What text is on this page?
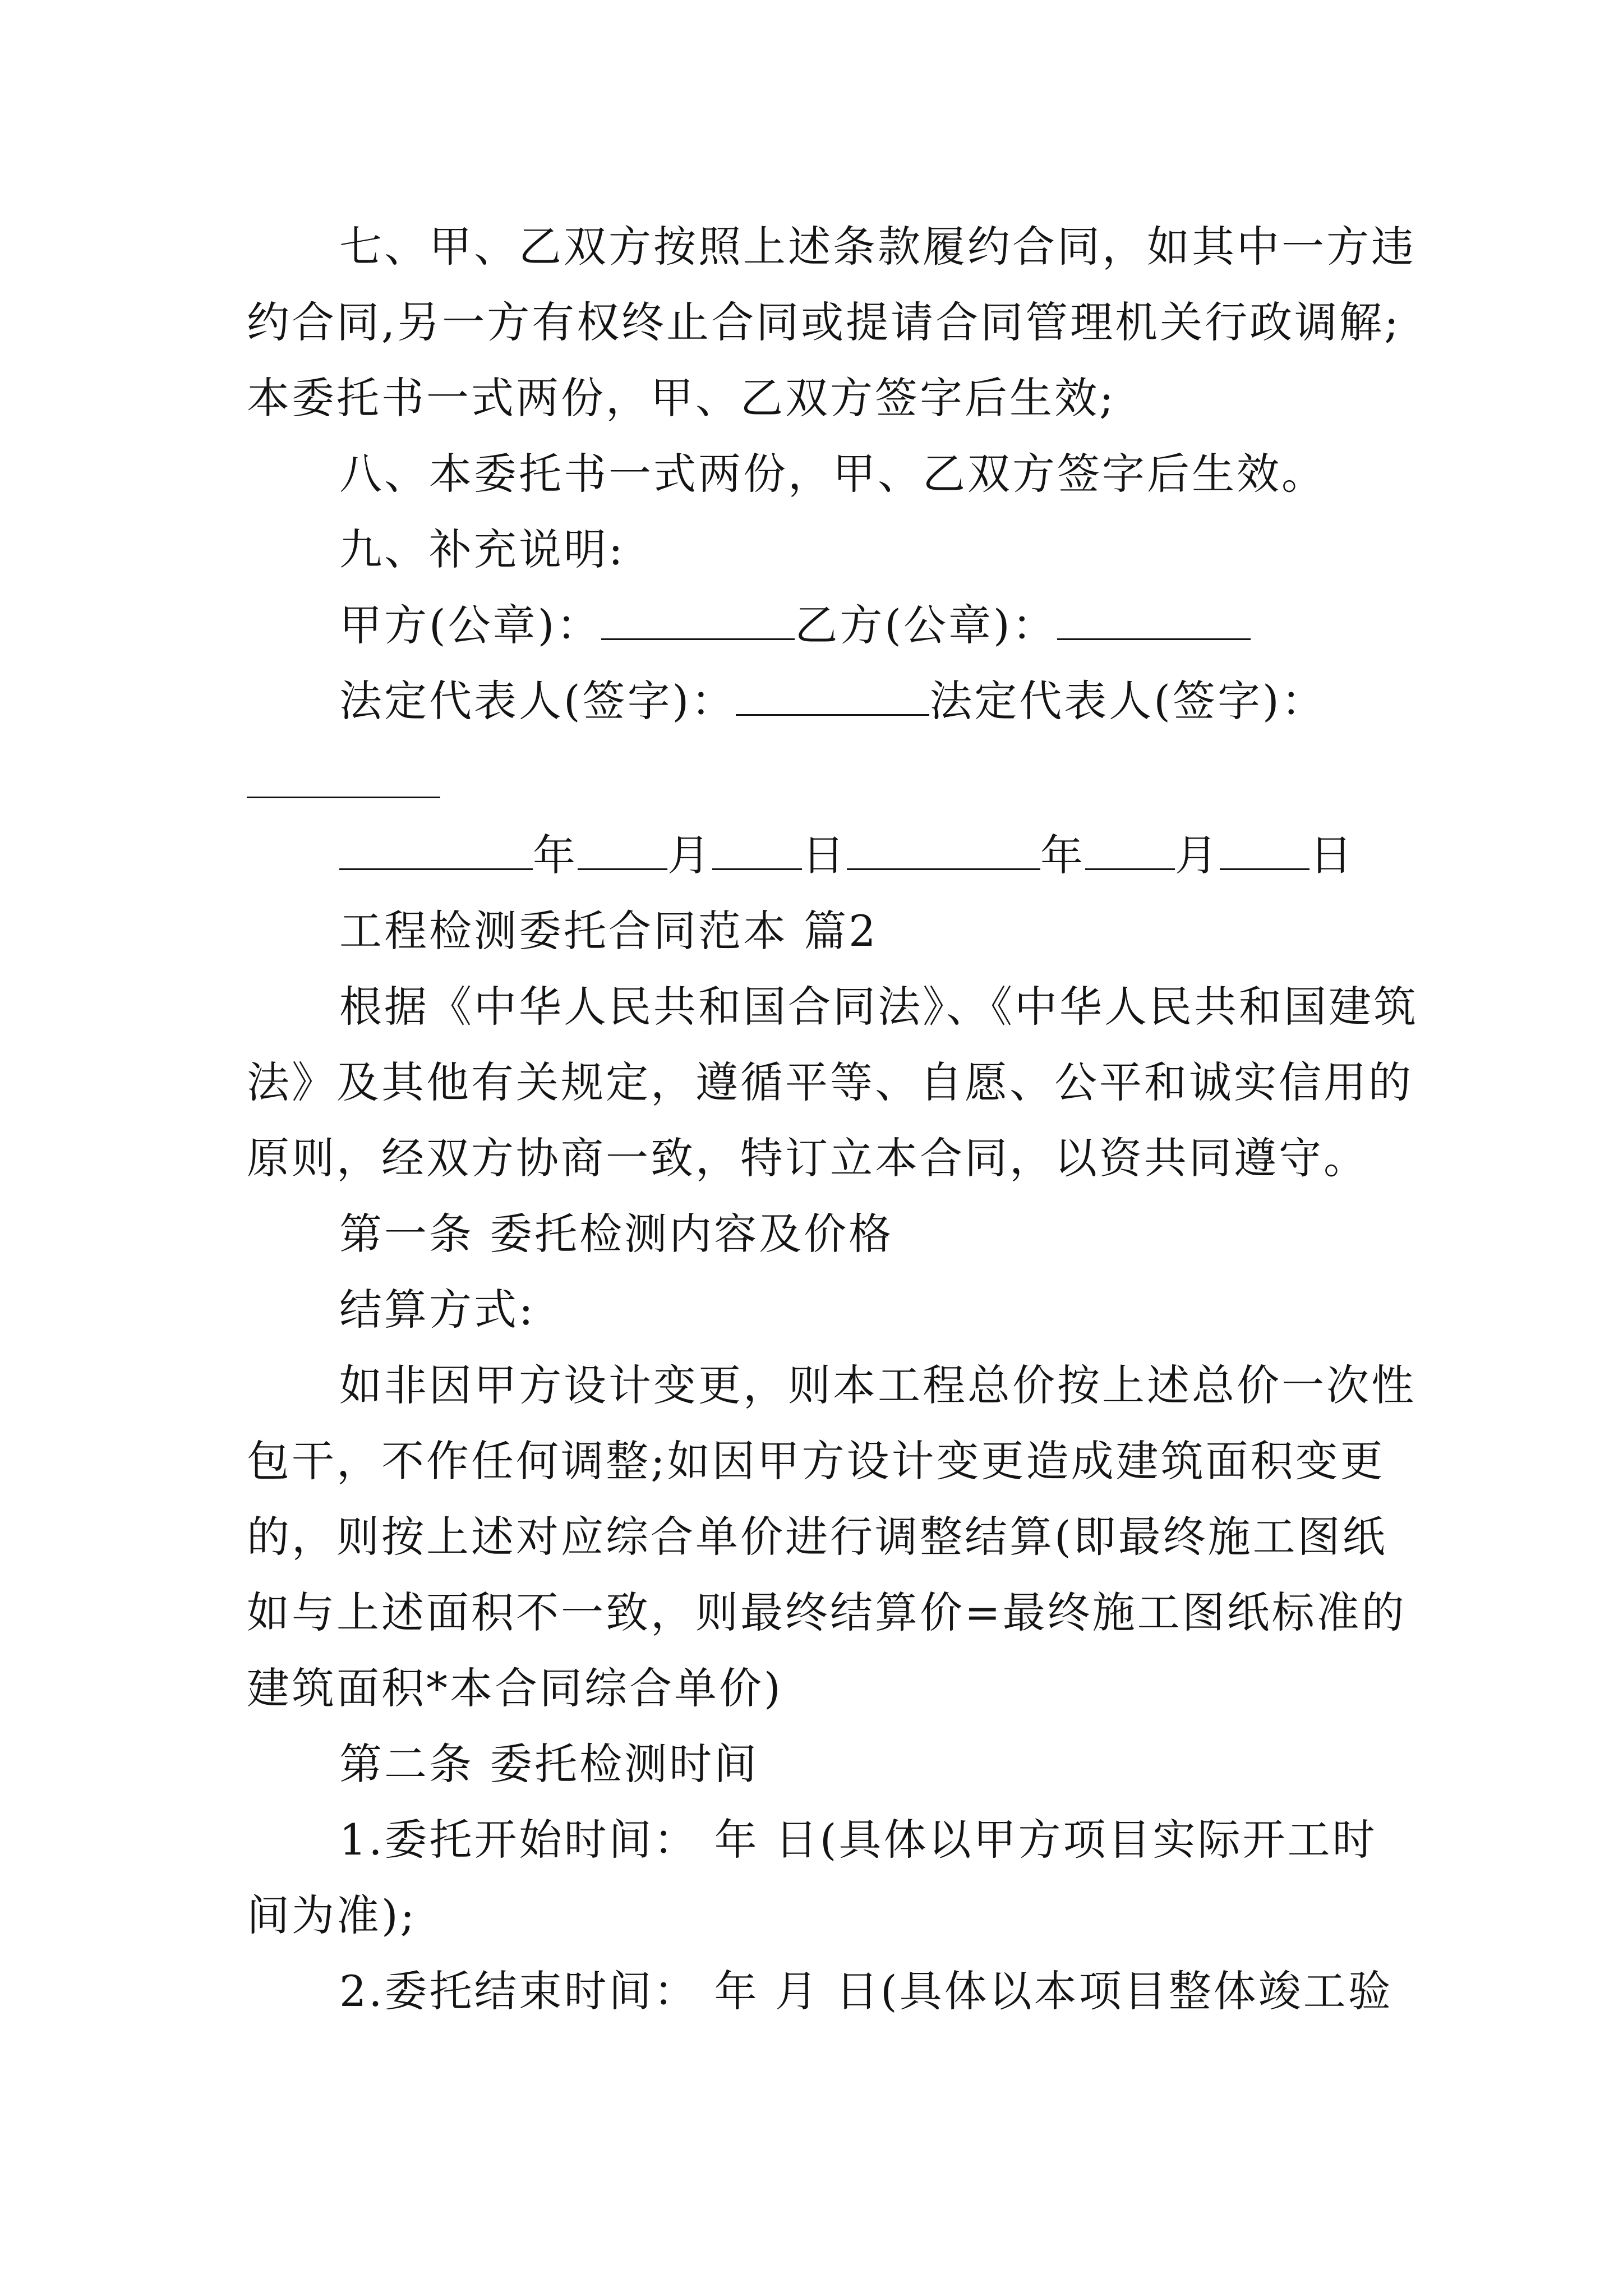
七、甲、乙双方按照上述条款履约合同，如其中一方违
约合同,另一方有权终止合同或提请合同管理机关行政调解;
本委托书一式两份，甲、乙双方签字后生效;
八、本委托书一式两份，甲、乙双方签字后生效。
九、补充说明:
甲方(公章)：	乙方(公章)：
法定代表人(签字)：	法定代表人(签字)：
年 月 日	年 月 日
工程检测委托合同范本 篇2
根据《中华人民共和国合同法》、《中华人民共和国建筑
法》及其他有关规定，遵循平等、自愿、公平和诚实信用的
原则，经双方协商一致，特订立本合同，以资共同遵守。
第一条 委托检测内容及价格
结算方式:
如非因甲方设计变更，则本工程总价按上述总价一次性
包干，不作任何调整;如因甲方设计变更造成建筑面积变更
的，则按上述对应综合单价进行调整结算(即最终施工图纸
如与上述面积不一致，则最终结算价=最终施工图纸标准的
建筑面积*本合同综合单价)
第二条 委托检测时间
1.委托开始时间： 年 日(具体以甲方项目实际开工时
间为准);
2.委托结束时间： 年 月 日(具体以本项目整体竣工验
